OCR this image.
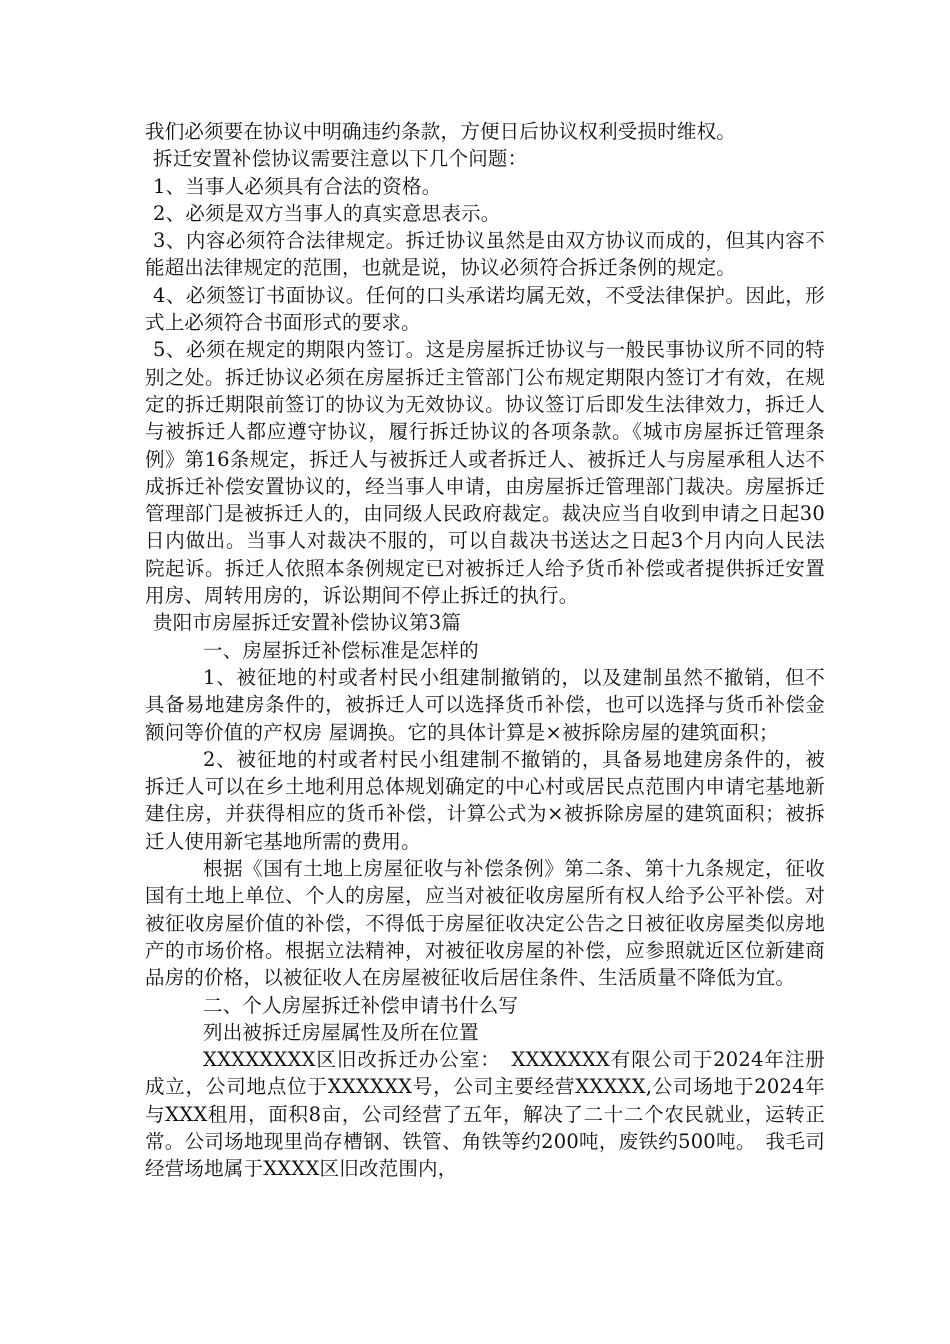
我们必须要在协议中明确违约条款，方便日后协议权利受损时维权。

拆迁安置补偿协议需要注意以下几个问题：

1、当事人必须具有合法的资格。

2、必须是双方当事人的真实意思表示。

3、内容必须符合法律规定。拆迁协议虽然是由双方协议而成的，但其内容不能超出法律规定的范围，也就是说，协议必须符合拆迁条例的规定。

4、必须签订书面协议。任何的口头承诺均属无效，不受法律保护。因此，形式上必须符合书面形式的要求。

5、必须在规定的期限内签订。这是房屋拆迁协议与一般民事协议所不同的特别之处。拆迁协议必须在房屋拆迁主管部门公布规定期限内签订才有效，在规定的拆迁期限前签订的协议为无效协议。协议签订后即发生法律效力，拆迁人与被拆迁人都应遵守协议，履行拆迁协议的各项条款。《城市房屋拆迁管理条例》第16条规定，拆迁人与被拆迁人或者拆迁人、被拆迁人与房屋承租人达不成拆迁补偿安置协议的，经当事人申请，由房屋拆迁管理部门裁决。房屋拆迁管理部门是被拆迁人的，由同级人民政府裁定。裁决应当自收到申请之日起30日内做出。当事人对裁决不服的，可以自裁决书送达之日起3个月内向人民法院起诉。拆迁人依照本条例规定已对被拆迁人给予货币补偿或者提供拆迁安置用房、周转用房的，诉讼期间不停止拆迁的执行。

贵阳市房屋拆迁安置补偿协议第3篇

一、房屋拆迁补偿标准是怎样的

1、被征地的村或者村民小组建制撤销的，以及建制虽然不撤销，但不具备易地建房条件的，被拆迁人可以选择货币补偿，也可以选择与货币补偿金额问等价值的产权房 屋调换。它的具体计算是×被拆除房屋的建筑面积；

2、被征地的村或者村民小组建制不撤销的，具备易地建房条件的，被拆迁人可以在乡土地利用总体规划确定的中心村或居民点范围内申请宅基地新建住房，并获得相应的货币补偿，计算公式为×被拆除房屋的建筑面积；被拆迁人使用新宅基地所需的费用。

根据《国有土地上房屋征收与补偿条例》第二条、第十九条规定，征收国有土地上单位、个人的房屋，应当对被征收房屋所有权人给予公平补偿。对被征收房屋价值的补偿，不得低于房屋征收决定公告之日被征收房屋类似房地产的市场价格。根据立法精神，对被征收房屋的补偿，应参照就近区位新建商品房的价格，以被征收人在房屋被征收后居住条件、生活质量不降低为宜。

二、个人房屋拆迁补偿申请书什么写

列出被拆迁房屋属性及所在位置

XXXXXXXX区旧改拆迁办公室：　XXXXXXX有限公司于2024年注册成立，公司地点位于XXXXXX号，公司主要经营XXXXX,公司场地于2024年与XXX租用，面积8亩，公司经营了五年，解决了二十二个农民就业，运转正常。公司场地现里尚存槽钢、铁管、角铁等约200吨，废铁约500吨。　我毛司经营场地属于XXXX区旧改范围内，
